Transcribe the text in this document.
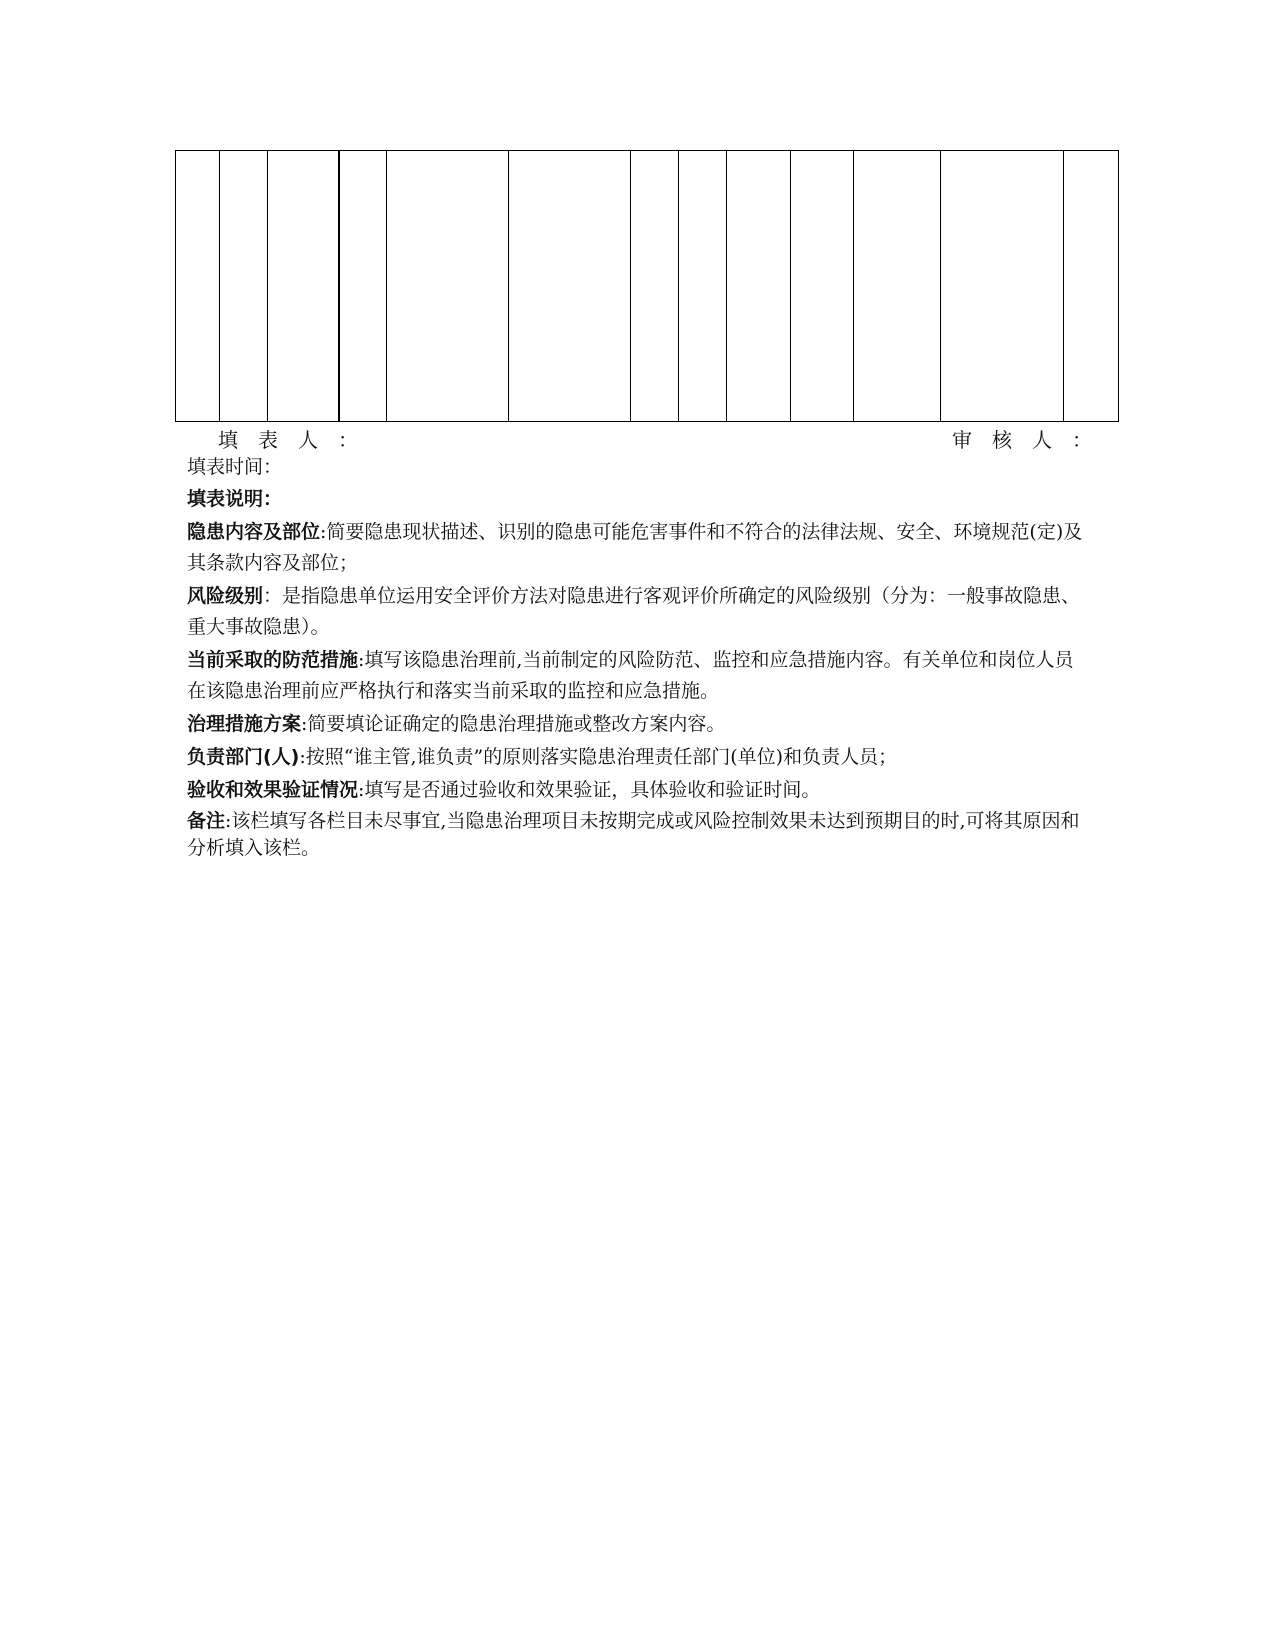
填表人：	审核人：
填表时间：

填表说明：

隐患内容及部位:简要隐患现状描述、识别的隐患可能危害事件和不符合的法律法规、安全、环境规范(定)及其条款内容及部位；

风险级别：是指隐患单位运用安全评价方法对隐患进行客观评价所确定的风险级别（分为：一般事故隐患、重大事故隐患）。

当前采取的防范措施:填写该隐患治理前,当前制定的风险防范、监控和应急措施内容。有关单位和岗位人员在该隐患治理前应严格执行和落实当前采取的监控和应急措施。

治理措施方案:简要填论证确定的隐患治理措施或整改方案内容。

负责部门(人):按照“谁主管,谁负责”的原则落实隐患治理责任部门(单位)和负责人员；

验收和效果验证情况:填写是否通过验收和效果验证，具体验收和验证时间。

备注:该栏填写各栏目未尽事宜,当隐患治理项目未按期完成或风险控制效果未达到预期目的时,可将其原因和分析填入该栏。
